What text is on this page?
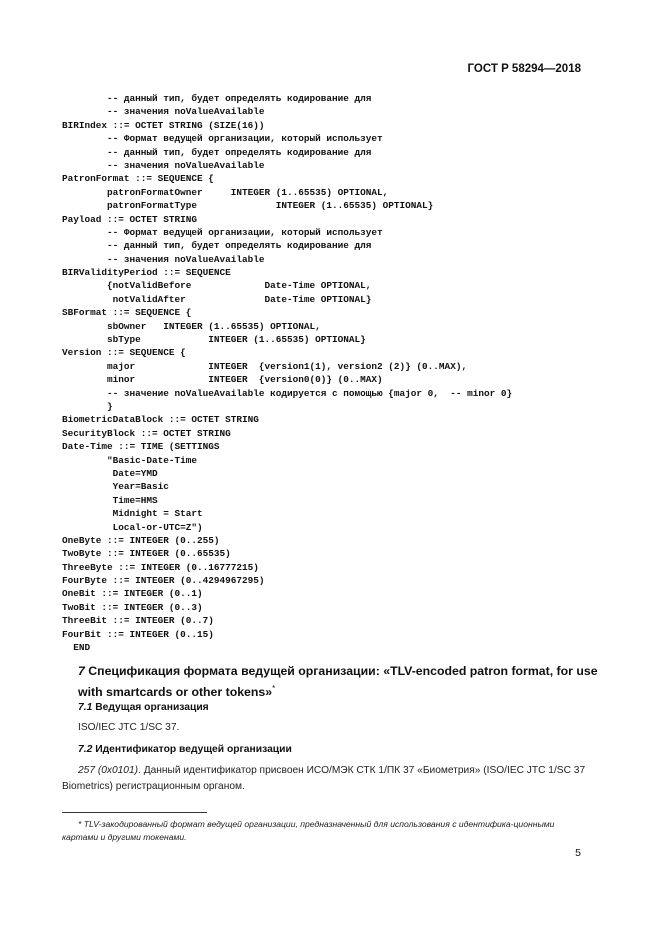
ГОСТ Р 58294—2018
-- данный тип, будет определять кодирование для
-- значения noValueAvailable
BIRIndex ::= OCTET STRING (SIZE(16))
-- Формат ведущей организации, который использует
-- данный тип, будет определять кодирование для
-- значения noValueAvailable
PatronFormat ::= SEQUENCE {
patronFormatOwner     INTEGER (1..65535) OPTIONAL,
patronFormatType              INTEGER (1..65535) OPTIONAL}
Payload ::= OCTET STRING
-- Формат ведущей организации, который использует
-- данный тип, будет определять кодирование для
-- значения noValueAvailable
BIRValidityPeriod ::= SEQUENCE
{notValidBefore             Date-Time OPTIONAL,
notValidAfter              Date-Time OPTIONAL}
SBFormat ::= SEQUENCE {
sbOwner   INTEGER (1..65535) OPTIONAL,
sbType            INTEGER (1..65535) OPTIONAL}
Version ::= SEQUENCE {
major             INTEGER  {version1(1), version2 (2)} (0..MAX),
minor             INTEGER  {version0(0)} (0..MAX)
-- значение noValueAvailable кодируется с помощью {major 0,  -- minor 0}
}
BiometricDataBlock ::= OCTET STRING
SecurityBlock ::= OCTET STRING
Date-Time ::= TIME (SETTINGS
"Basic-Date-Time
Date=YMD
Year=Basic
Time=HMS
Midnight = Start
Local-or-UTC=Z")
OneByte ::= INTEGER (0..255)
TwoByte ::= INTEGER (0..65535)
ThreeByte ::= INTEGER (0..16777215)
FourByte ::= INTEGER (0..4294967295)
OneBit ::= INTEGER (0..1)
TwoBit ::= INTEGER (0..3)
ThreeBit ::= INTEGER (0..7)
FourBit ::= INTEGER (0..15)
END
7 Спецификация формата ведущей организации: «TLV-encoded patron format, for use with smartcards or other tokens»*
7.1 Ведущая организация
ISO/IEC JTC 1/SC 37.
7.2 Идентификатор ведущей организации
257 (0x0101). Данный идентификатор присвоен ИСО/МЭК СТК 1/ПК 37 «Биометрия» (ISO/IEC JTC 1/SC 37 Biometrics) регистрационным органом.
* TLV-закодированный формат ведущей организации, предназначенный для использования с идентифика-ционными картами и другими токенами.
5
